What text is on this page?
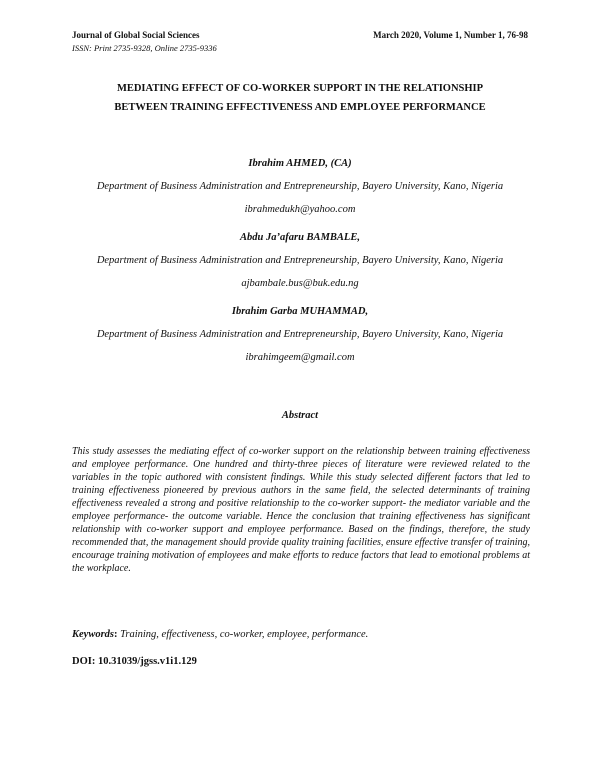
Journal of Global Social Sciences	March 2020, Volume 1, Number 1, 76-98
ISSN: Print 2735-9328, Online 2735-9336
MEDIATING EFFECT OF CO-WORKER SUPPORT IN THE RELATIONSHIP
BETWEEN TRAINING EFFECTIVENESS AND EMPLOYEE PERFORMANCE
Ibrahim AHMED, (CA)
Department of Business Administration and Entrepreneurship, Bayero University, Kano, Nigeria
ibrahmedukh@yahoo.com
Abdu Ja’afaru BAMBALE,
Department of Business Administration and Entrepreneurship, Bayero University, Kano, Nigeria
ajbambale.bus@buk.edu.ng
Ibrahim Garba MUHAMMAD,
Department of Business Administration and Entrepreneurship, Bayero University, Kano, Nigeria
ibrahimgeem@gmail.com
Abstract
This study assesses the mediating effect of co-worker support on the relationship between training effectiveness and employee performance. One hundred and thirty-three pieces of literature were reviewed related to the variables in the topic authored with consistent findings. While this study selected different factors that led to training effectiveness pioneered by previous authors in the same field, the selected determinants of training effectiveness revealed a strong and positive relationship to the co-worker support- the mediator variable and the employee performance- the outcome variable. Hence the conclusion that training effectiveness has significant relationship with co-worker support and employee performance. Based on the findings, therefore, the study recommended that, the management should provide quality training facilities, ensure effective transfer of training, encourage training motivation of employees and make efforts to reduce factors that lead to emotional problems at the workplace.
Keywords: Training, effectiveness, co-worker, employee, performance.
DOI: 10.31039/jgss.v1i1.129
